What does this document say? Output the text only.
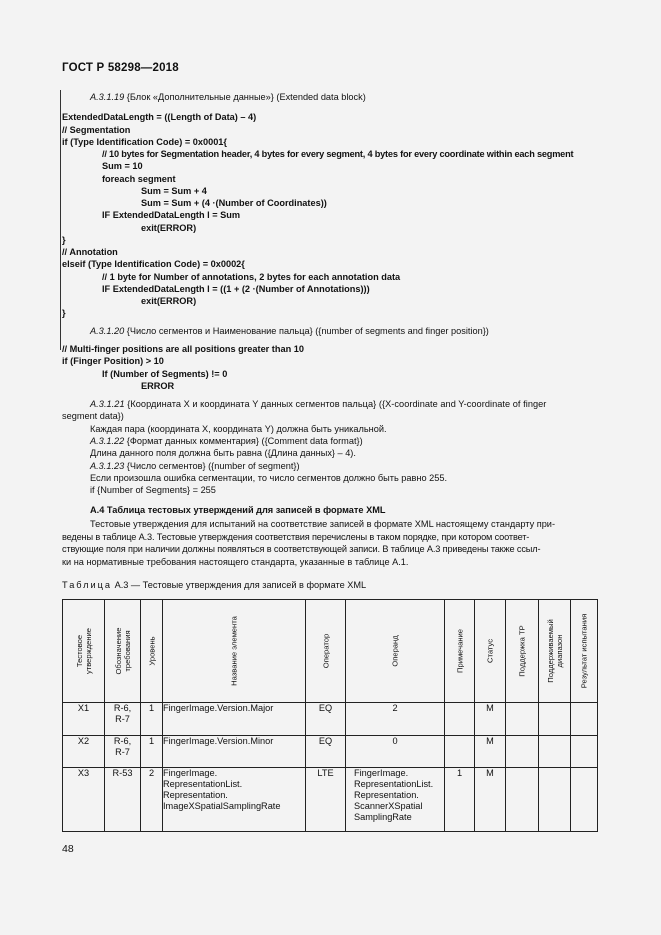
ГОСТ Р 58298—2018
A.3.1.19 {Блок «Дополнительные данные»} (Extended data block)
ExtendedDataLength = ((Length of Data) – 4)
// Segmentation
if (Type Identification Code) = 0x0001{
// 10 bytes for Segmentation header, 4 bytes for every segment, 4 bytes for every coordinate within each segment
Sum = 10
foreach segment
Sum = Sum + 4
Sum = Sum + (4 ·(Number of Coordinates))
IF ExtendedDataLength l = Sum
exit(ERROR)
}
// Annotation
elseif (Type Identification Code) = 0x0002{
// 1 byte for Number of annotations, 2 bytes for each annotation data
IF ExtendedDataLength l = ((1 + (2 ·(Number of Annotations)))
exit(ERROR)
}
A.3.1.20 {Число сегментов и Наименование пальца} ({number of segments and finger position})
// Multi-finger positions are all positions greater than 10
if (Finger Position) > 10
If (Number of Segments) != 0
ERROR
A.3.1.21 {Координата X и координата Y данных сегментов пальца} ({X-coordinate and Y-coordinate of finger
segment data})
Каждая пара (координата X, координата Y) должна быть уникальной.
A.3.1.22 {Формат данных комментария} ({Comment data format})
Длина данного поля должна быть равна ({Длина данных} – 4).
A.3.1.23 {Число сегментов} ({number of segment})
Если произошла ошибка сегментации, то число сегментов должно быть равно 255.
if {Number of Segments} = 255
A.4 Таблица тестовых утверждений для записей в формате XML
Тестовые утверждения для испытаний на соответствие записей в формате XML настоящему стандарту при-
ведены в таблице А.3. Тестовые утверждения соответствия перечислены в таком порядке, при котором соответ-
ствующие поля при наличии должны появляться в соответствующей записи. В таблице А.3 приведены также ссыл-
ки на нормативные требования настоящего стандарта, указанные в таблице А.1.
Таблица А.3 — Тестовые утверждения для записей в формате XML
Тестовое утверждение	Обозначение требования	Уровень	Название элемента	Оператор	Операнд	Примечание	Статус	Поддержка ТР	Поддерживаемый диапазон	Результат испытания

X1	R-6,
R-7	1	FingerImage.Version.Major	EQ	2		M			
X2	R-6,
R-7	1	FingerImage.Version.Minor	EQ	0		M			
X3	R-53	2	FingerImage.
RepresentationList.
Representation.
ImageXSpatialSamplingRate	LTE	FingerImage.
RepresentationList.
Representation.
ScannerXSpatial
SamplingRate	1	M			
48
